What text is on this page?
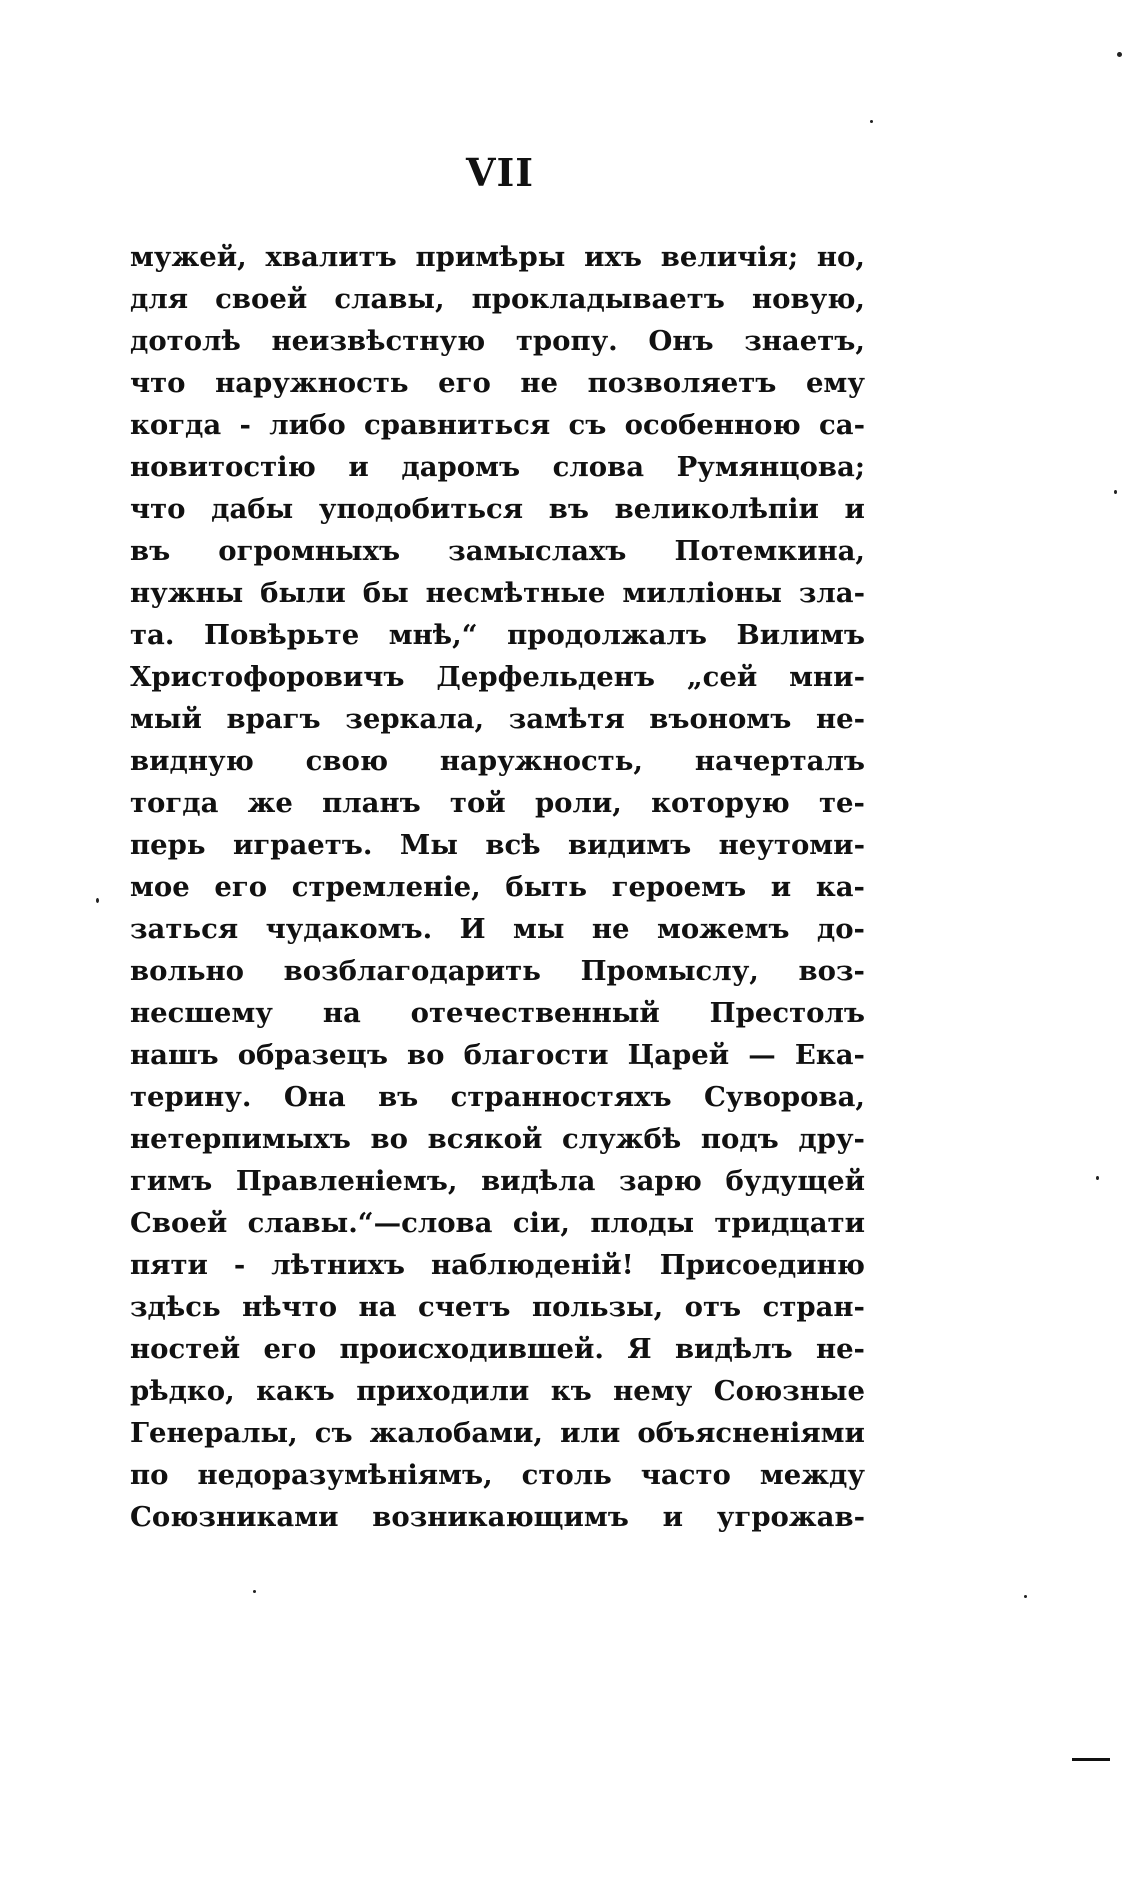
VII
мужей, хвалитъ примѣры ихъ величія; но,
для своей славы, прокладываетъ новую,
дотолѣ неизвѣстную тропу. Онъ знаетъ,
что наружность его не позволяетъ ему
когда - либо сравниться съ особенною са-
новитостію и даромъ слова Румянцова;
что дабы уподобиться въ великолѣпіи и
въ огромныхъ замыслахъ Потемкина,
нужны были бы несмѣтные милліоны зла-
та. Повѣрьте мнѣ,“ продолжалъ Вилимъ
Христофоровичъ Дерфельденъ „сей мни-
мый врагъ зеркала, замѣтя въономъ не-
видную свою наружность, начерталъ
тогда же планъ той роли, которую те-
перь играетъ. Мы всѣ видимъ неутоми-
мое его стремленіе, быть героемъ и ка-
заться чудакомъ. И мы не можемъ до-
вольно возблагодарить Промыслу, воз-
несшему на отечественный Престолъ
нашъ образецъ во благости Царей — Ека-
терину. Она въ странностяхъ Суворова,
нетерпимыхъ во всякой службѣ подъ дру-
гимъ Правленіемъ, видѣла зарю будущей
Своей славы.“—слова сіи, плоды тридцати
пяти - лѣтнихъ наблюденій! Присоединю
здѣсь нѣчто на счетъ пользы, отъ стран-
ностей его происходившей. Я видѣлъ не-
рѣдко, какъ приходили къ нему Союзные
Генералы, съ жалобами, или объясненіями
по недоразумѣніямъ, столь часто между
Союзниками возникающимъ и угрожав-
